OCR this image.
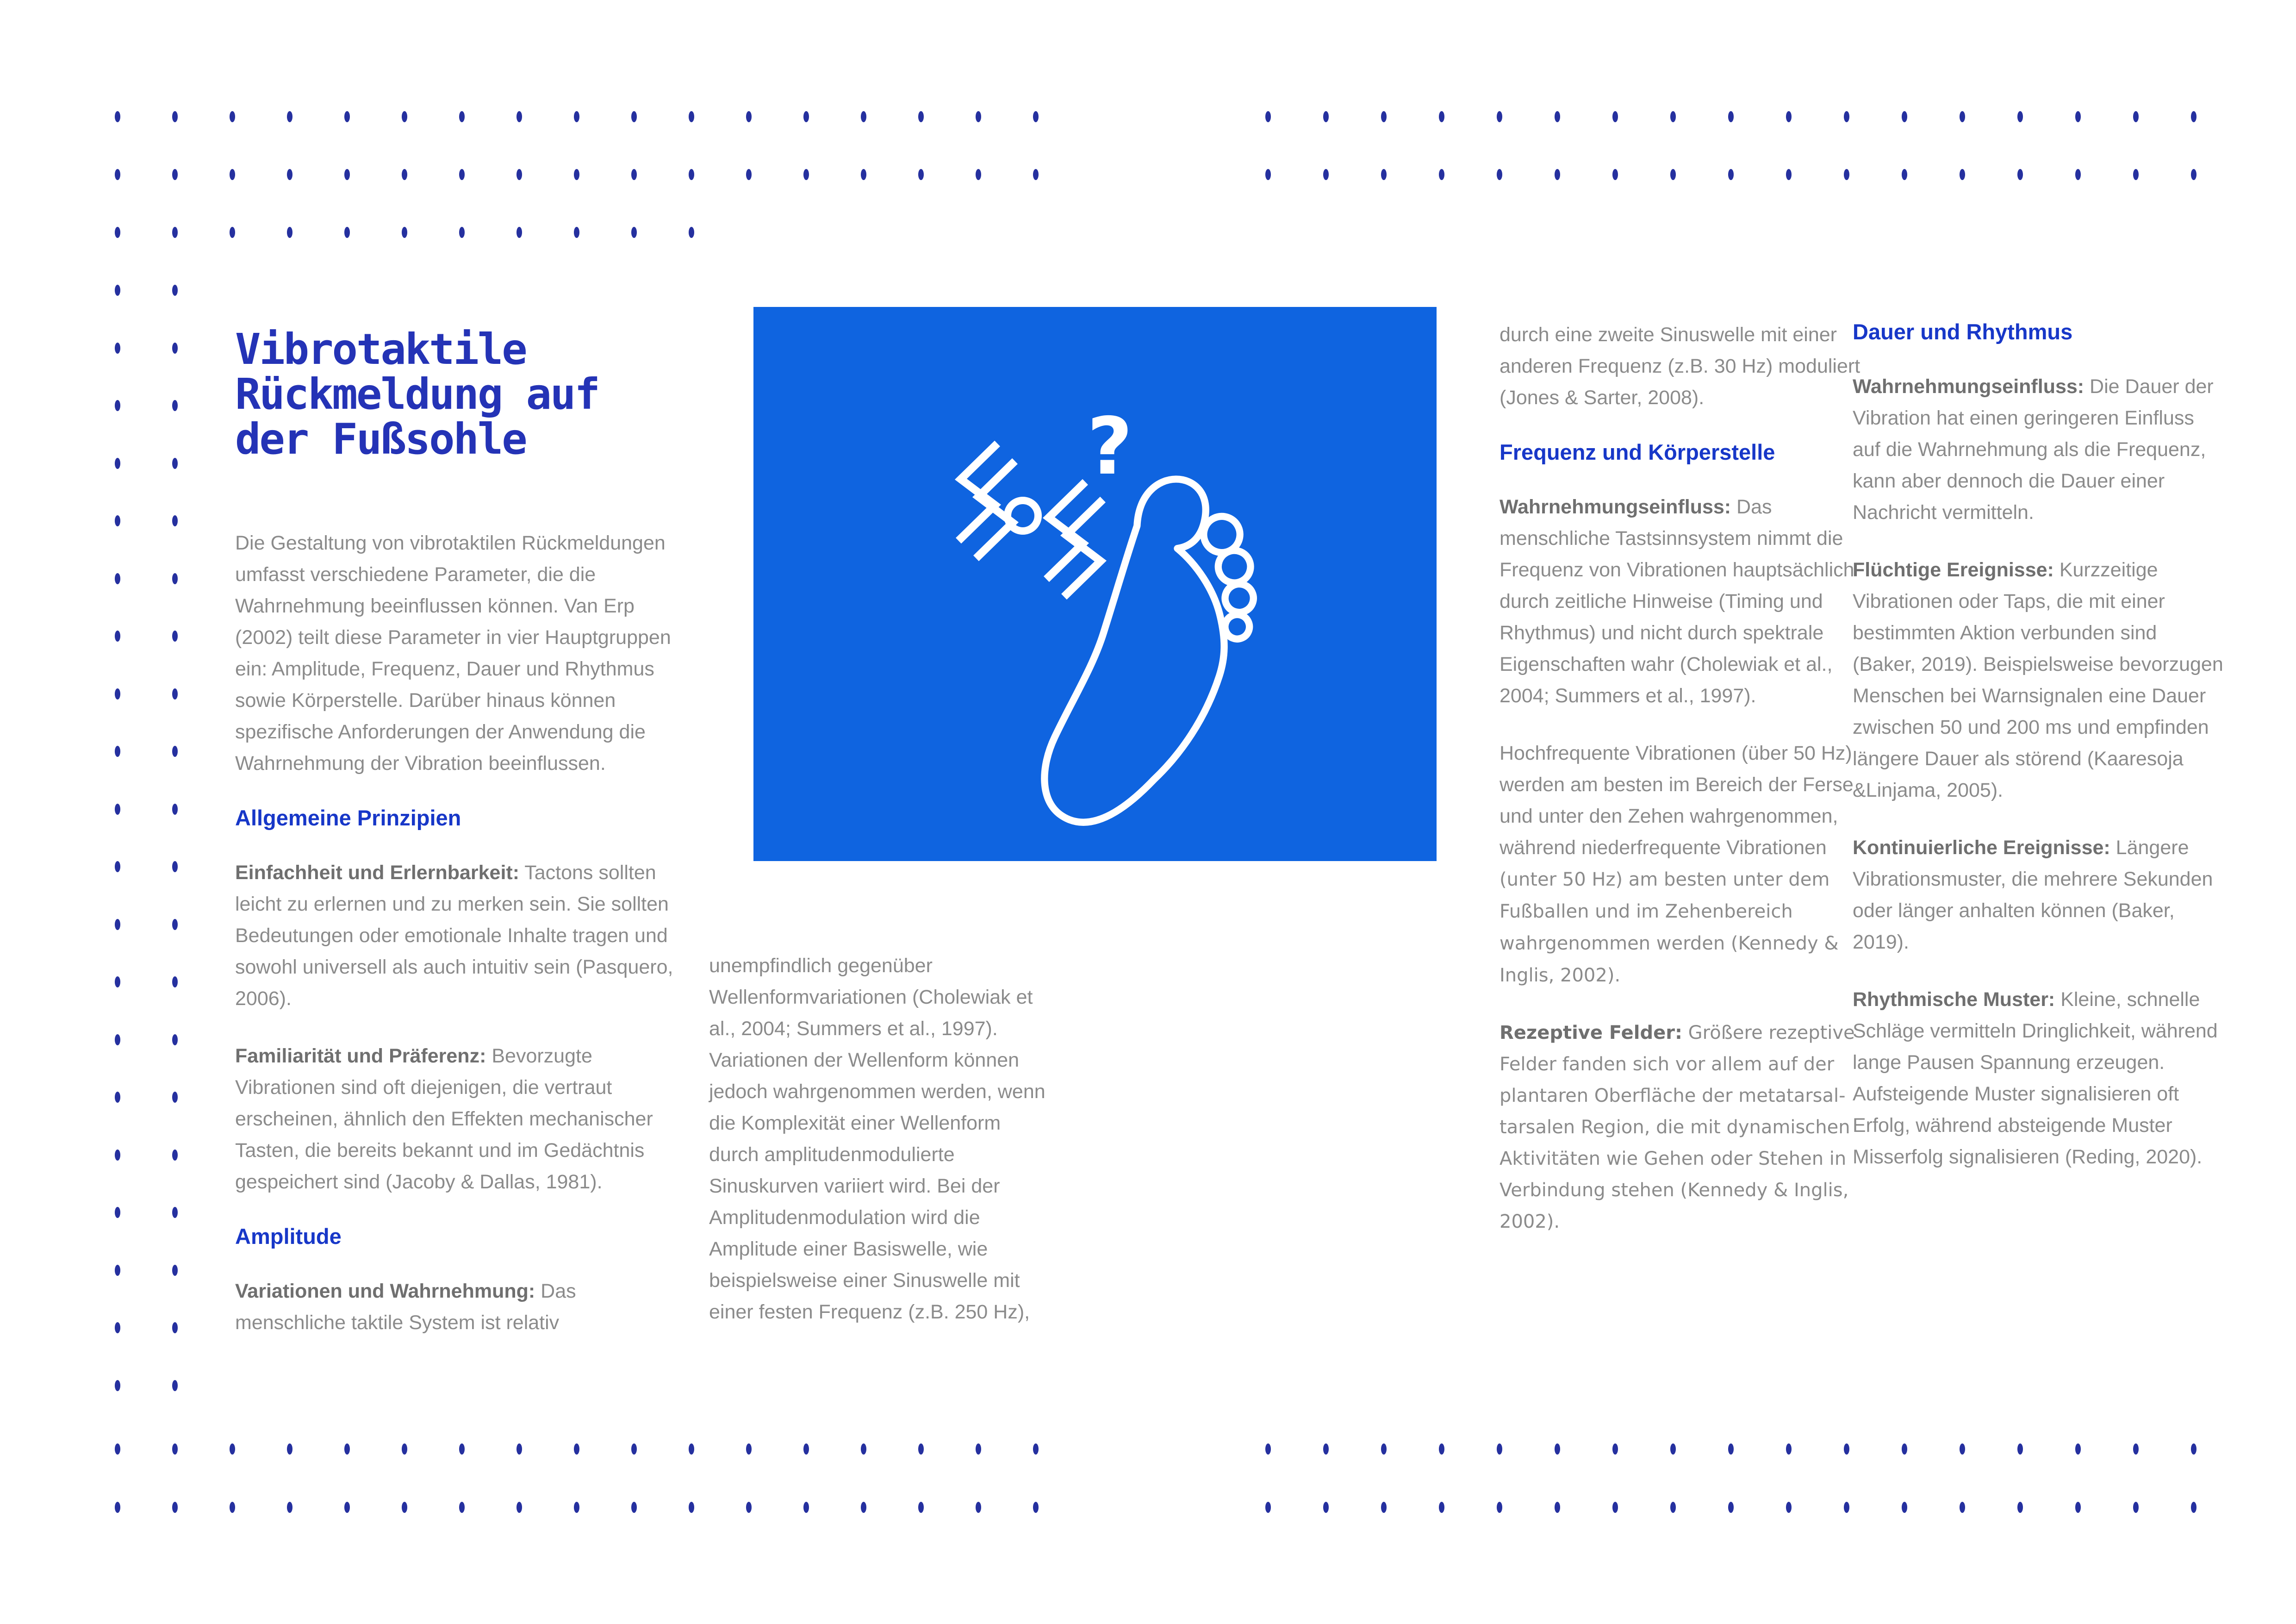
Vibrotaktile
Rückmeldung auf
der Fußsohle

Die Gestaltung von vibrotaktilen Rückmeldungen umfasst verschiedene Parameter, die die Wahrnehmung beeinflussen können. Van Erp (2002) teilt diese Parameter in vier Hauptgruppen ein: Amplitude, Frequenz, Dauer und Rhythmus sowie Körperstelle. Darüber hinaus können spezifische Anforderungen der Anwendung die Wahrnehmung der Vibration beeinflussen.

Allgemeine Prinzipien

Einfachheit und Erlernbarkeit: Tactons sollten leicht zu erlernen und zu merken sein. Sie sollten Bedeutungen oder emotionale Inhalte tragen und sowohl universell als auch intuitiv sein (Pasquero, 2006).

Familiarität und Präferenz: Bevorzugte Vibrationen sind oft diejenigen, die vertraut erscheinen, ähnlich den Effekten mechanischer Tasten, die bereits bekannt und im Gedächtnis gespeichert sind (Jacoby & Dallas, 1981).

Amplitude

Variationen und Wahrnehmung: Das menschliche taktile System ist relativ

?

unempfindlich gegenüber Wellenformvariationen (Cholewiak et al., 2004; Summers et al., 1997). Variationen der Wellenform können jedoch wahrgenommen werden, wenn die Komplexität einer Wellenform durch amplitudenmodulierte Sinuskurven variiert wird. Bei der Amplitudenmodulation wird die Amplitude einer Basiswelle, wie beispielsweise einer Sinuswelle mit einer festen Frequenz (z.B. 250 Hz),

durch eine zweite Sinuswelle mit einer anderen Frequenz (z.B. 30 Hz) moduliert (Jones & Sarter, 2008).

Frequenz und Körperstelle

Wahrnehmungseinfluss: Das menschliche Tastsinnsystem nimmt die Frequenz von Vibrationen hauptsächlich durch zeitliche Hinweise (Timing und Rhythmus) und nicht durch spektrale Eigenschaften wahr (Cholewiak et al., 2004; Summers et al., 1997).

Hochfrequente Vibrationen (über 50 Hz) werden am besten im Bereich der Ferse und unter den Zehen wahrgenommen, während niederfrequente Vibrationen (unter 50 Hz) am besten unter dem Fußballen und im Zehenbereich wahrgenommen werden (Kennedy & Inglis, 2002).

Rezeptive Felder: Größere rezeptive Felder fanden sich vor allem auf der plantaren Oberfläche der metatarsal-tarsalen Region, die mit dynamischen Aktivitäten wie Gehen oder Stehen in Verbindung stehen (Kennedy & Inglis, 2002).

Dauer und Rhythmus

Wahrnehmungseinfluss: Die Dauer der Vibration hat einen geringeren Einfluss auf die Wahrnehmung als die Frequenz, kann aber dennoch die Dauer einer Nachricht vermitteln.

Flüchtige Ereignisse: Kurzzeitige Vibrationen oder Taps, die mit einer bestimmten Aktion verbunden sind (Baker, 2019). Beispielsweise bevorzugen Menschen bei Warnsignalen eine Dauer zwischen 50 und 200 ms und empfinden längere Dauer als störend (Kaaresoja &Linjama, 2005).

Kontinuierliche Ereignisse: Längere Vibrationsmuster, die mehrere Sekunden oder länger anhalten können (Baker, 2019).

Rhythmische Muster: Kleine, schnelle Schläge vermitteln Dringlichkeit, während lange Pausen Spannung erzeugen. Aufsteigende Muster signalisieren oft Erfolg, während absteigende Muster Misserfolg signalisieren (Reding, 2020).
